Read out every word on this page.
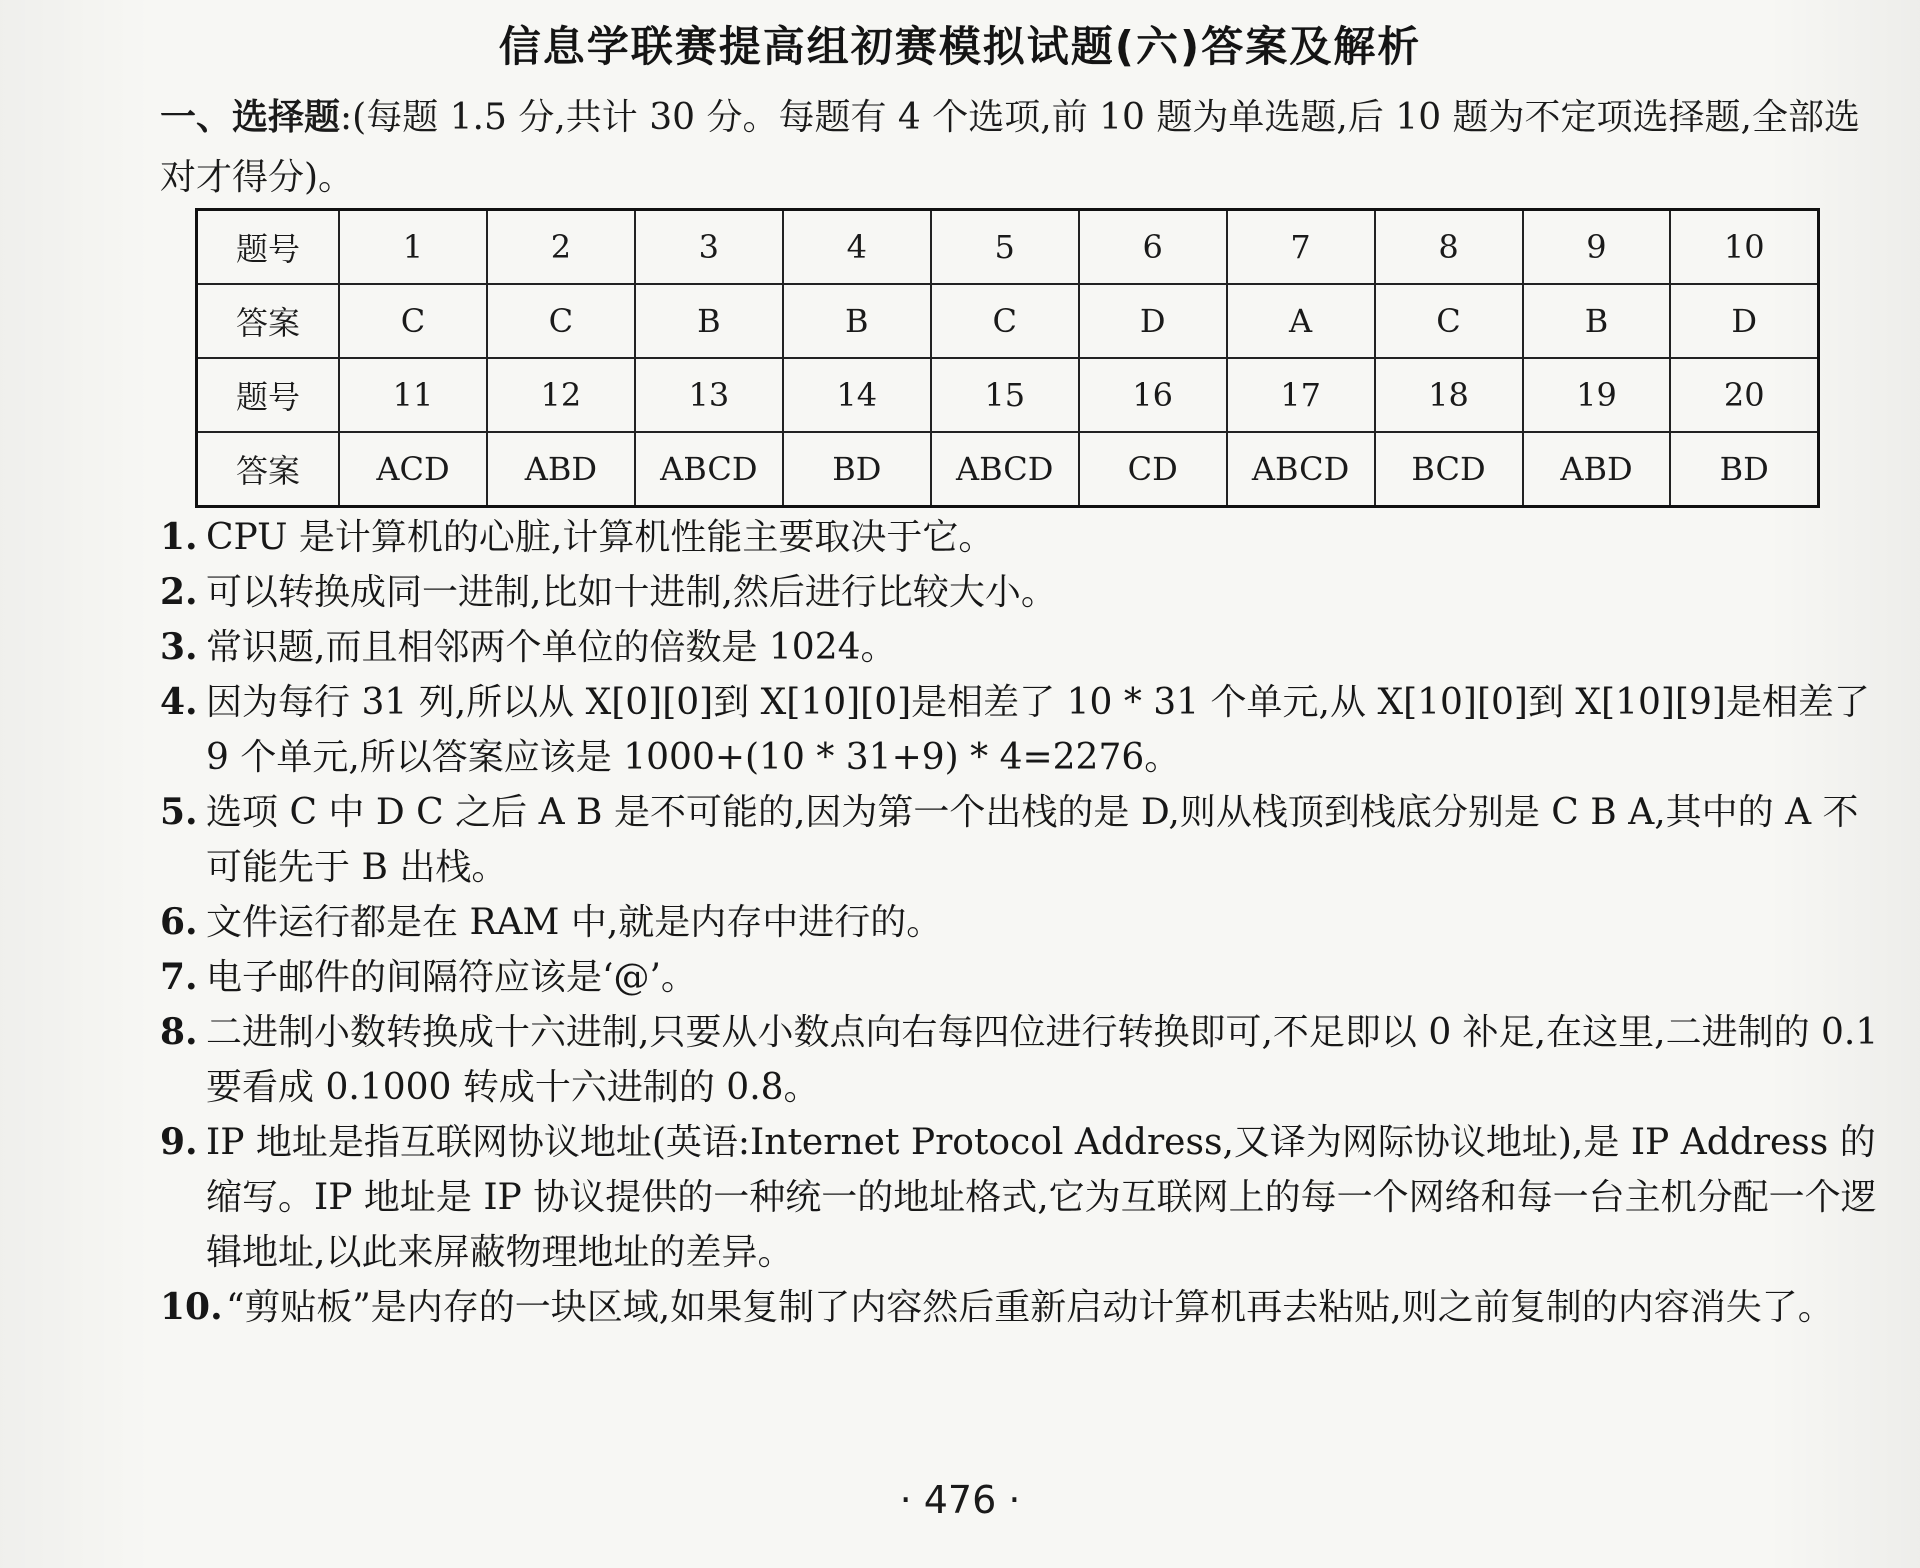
信息学联赛提高组初赛模拟试题(六)答案及解析
一、选择题:(每题 1.5 分,共计 30 分。每题有 4 个选项,前 10 题为单选题,后 10 题为不定项选择题,全部选对才得分)。
题号	1	2	3	4	5	6	7	8	9	10
答案	C	C	B	B	C	D	A	C	B	D
题号	11	12	13	14	15	16	17	18	19	20
答案	ACD	ABD	ABCD	BD	ABCD	CD	ABCD	BCD	ABD	BD
1. CPU 是计算机的心脏,计算机性能主要取决于它。
2. 可以转换成同一进制,比如十进制,然后进行比较大小。
3. 常识题,而且相邻两个单位的倍数是 1024。
4. 因为每行 31 列,所以从 X[0][0]到 X[10][0]是相差了 10 * 31 个单元,从 X[10][0]到 X[10][9]是相差了 9 个单元,所以答案应该是 1000+(10 * 31+9) * 4=2276。
5. 选项 C 中 D C 之后 A B 是不可能的,因为第一个出栈的是 D,则从栈顶到栈底分别是 C B A,其中的 A 不可能先于 B 出栈。
6. 文件运行都是在 RAM 中,就是内存中进行的。
7. 电子邮件的间隔符应该是‘@’。
8. 二进制小数转换成十六进制,只要从小数点向右每四位进行转换即可,不足即以 0 补足,在这里,二进制的 0.1 要看成 0.1000 转成十六进制的 0.8。
9. IP 地址是指互联网协议地址(英语:Internet Protocol Address,又译为网际协议地址),是 IP Address 的缩写。IP 地址是 IP 协议提供的一种统一的地址格式,它为互联网上的每一个网络和每一台主机分配一个逻辑地址,以此来屏蔽物理地址的差异。
10. “剪贴板”是内存的一块区域,如果复制了内容然后重新启动计算机再去粘贴,则之前复制的内容消失了。
· 476 ·
